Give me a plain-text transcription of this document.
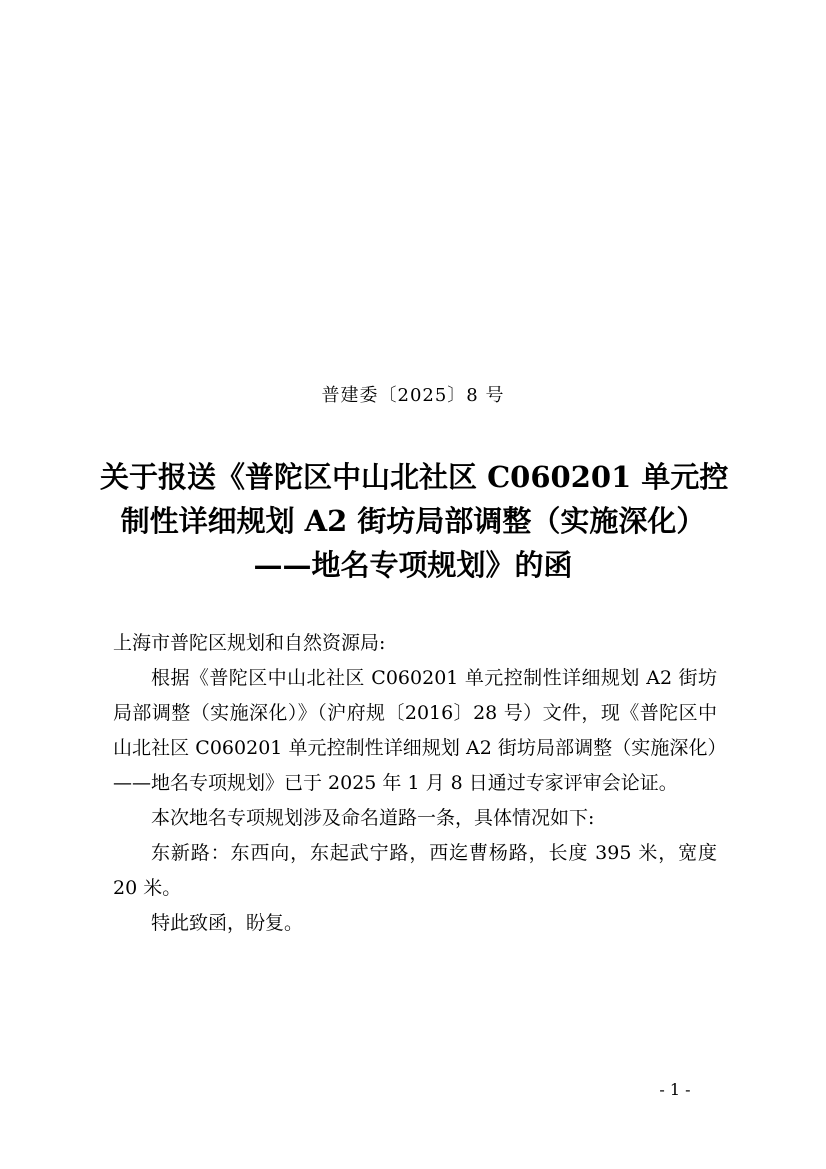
普建委〔2025〕8 号
关于报送《普陀区中山北社区 C060201 单元控
制性详细规划 A2 街坊局部调整（实施深化）
——地名专项规划》的函

上海市普陀区规划和自然资源局:

根据《普陀区中山北社区 C060201 单元控制性详细规划 A2 街坊局部调整（实施深化）》（沪府规〔2016〕28 号）文件，现《普陀区中山北社区 C060201 单元控制性详细规划 A2 街坊局部调整（实施深化）——地名专项规划》已于 2025 年 1 月 8 日通过专家评审会论证。

本次地名专项规划涉及命名道路一条，具体情况如下:

东新路：东西向，东起武宁路，西迄曹杨路，长度 395 米，宽度 20 米。

特此致函，盼复。

- 1 -
